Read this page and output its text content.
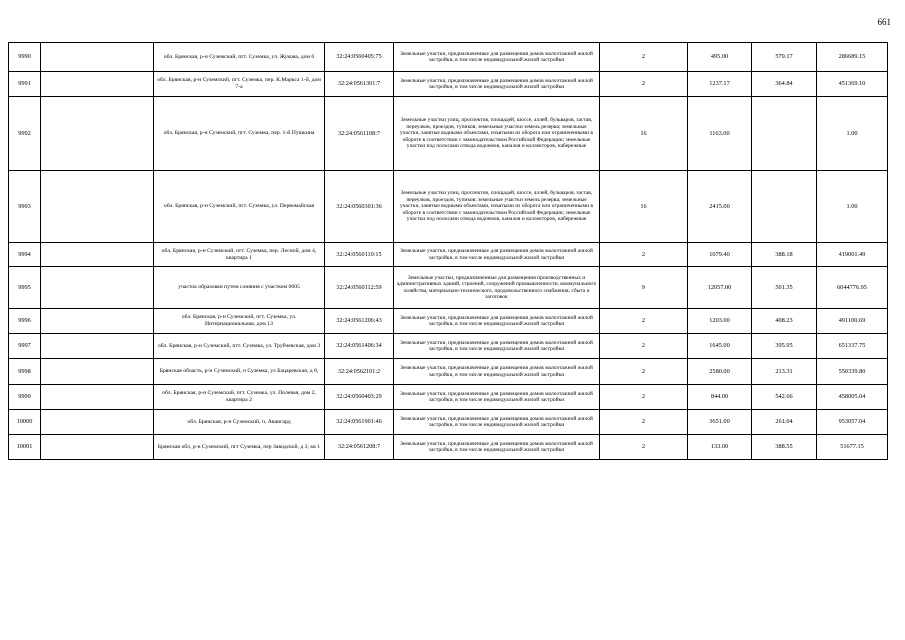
661
9990		обл. Брянская, р-н Суземский, пгт. Суземка, ул. Жукова, дом 6	32:24:0560405:75	Земельные участки, предназначенные для размещения домов малоэтажной жилой застройки, в том числе индивидуальной жилой застройки	2	495.00	579.17	286689.15
9991		обл. Брянская, р-н Суземский, пгт. Суземка, пер. К.Маркса 1-й, дом 7-а	32:24:0561301:7	Земельные участки, предназначенные для размещения домов малоэтажной жилой застройки, в том числе индивидуальной жилой застройки	2	1237.17	364.84	451369.10
9992		обл. Брянская, р-н Суземский, пгт. Суземка, пер. 1-й Пушкина	32:24:0561108:7	Земельные участки улиц, проспектов, площадей, шоссе, аллей, бульваров, застав, переулков, проездов, тупиков; земельные участки земель резерва; земельные участки, занятые водными объектами, изъятыми из оборота или ограниченными в обороте в соответствии с законодательством Российской Федерации; земельные участки под полосами отвода водоемов, каналов и коллекторов, набережные	16	1163.00		1.00
9993		обл. Брянская, р-н Суземский, пгт. Суземка, ул. Первомайская	32:24:0560301:36	Земельные участки улиц, проспектов, площадей, шоссе, аллей, бульваров, застав, переулков, проездов, тупиков; земельные участки земель резерва; земельные участки, занятые водными объектами, изъятыми из оборота или ограниченными в обороте в соответствии с законодательством Российской Федерации; земельные участки под полосами отвода водоемов, каналов и коллекторов, набережные	16	2415.00		1.00
9994		обл. Брянская, р-н Суземский, пгт. Суземка, пер. Лесной, дом 4, квартира 1	32:24:0560110:15	Земельные участки, предназначенные для размещения домов малоэтажной жилой застройки, в том числе индивидуальной жилой застройки	2	1079.40	388.18	419001.49
9995		участок образован путем слияния с участком 0005	32:24:0560112:59	Земельные участки, предназначенные для размещения производственных и административных зданий, строений, сооружений промышленности, коммунального хозяйства, материально-технического, продовольственного снабжения, сбыта и заготовок	9	12057.00	501.35	6044776.95
9996		обл. Брянская, р-н Суземский, пгт. Суземка, ул. Интернациональная, дом 13	32:24:0561206:43	Земельные участки, предназначенные для размещения домов малоэтажной жилой застройки, в том числе индивидуальной жилой застройки	2	1203.00	408.23	491100.69
9997		обл. Брянская, р-н Суземский, пгт. Суземка, ул. Трубчевская, дом 3	32:24:0561406:34	Земельные участки, предназначенные для размещения домов малоэтажной жилой застройки, в том числе индивидуальной жилой застройки	2	1645.00	395.95	651337.75
9998		Брянская область, р-н Суземский, п Суземка, ул Бацаревская, д 8,	32:24:0562101:2	Земельные участки, предназначенные для размещения домов малоэтажной жилой застройки, в том числе индивидуальной жилой застройки	2	2580.00	213.31	550339.80
9999		обл. Брянская, р-н Суземский, пгт. Суземка, ул. Полевая, дом 2, квартира 2	32:24:0560403:29	Земельные участки, предназначенные для размещения домов малоэтажной жилой застройки, в том числе индивидуальной жилой застройки	2	844.00	542.66	458005.04
10000		обл. Брянская, р-н Суземский, п. Авангард	32:24:0561901:46	Земельные участки, предназначенные для размещения домов малоэтажной жилой застройки, в том числе индивидуальной жилой застройки	2	3651.00	261.04	953057.04
10001		Брянская обл, р-н Суземский, пгт Суземка, пер Заводской, д 3, кв 1	32:24:0561208:7	Земельные участки, предназначенные для размещения домов малоэтажной жилой застройки, в том числе индивидуальной жилой застройки	2	133.00	388.55	51677.15
